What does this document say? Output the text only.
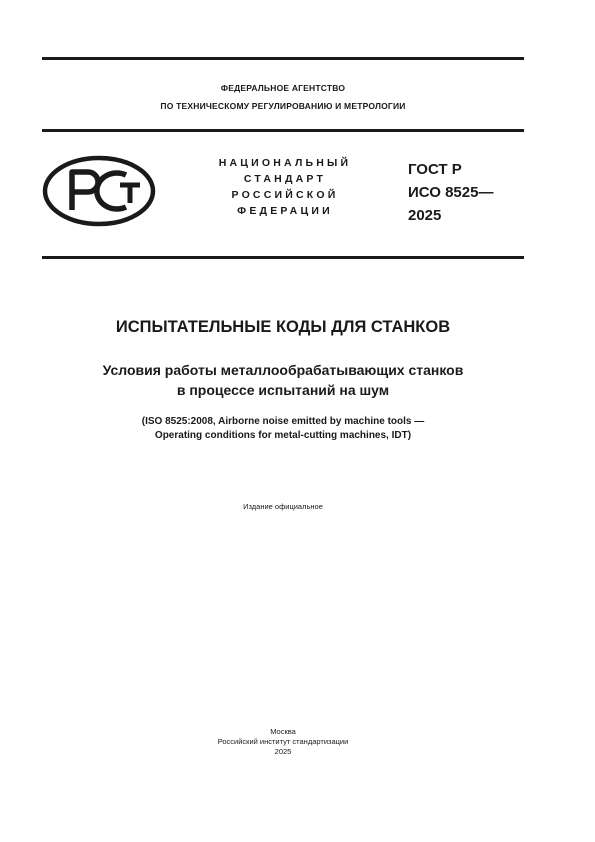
ФЕДЕРАЛЬНОЕ АГЕНТСТВО
ПО ТЕХНИЧЕСКОМУ РЕГУЛИРОВАНИЮ И МЕТРОЛОГИИ
НАЦИОНАЛЬНЫЙ
СТАНДАРТ
РОССИЙСКОЙ
ФЕДЕРАЦИИ
ГОСТ Р
ИСО 8525—
2025
ИСПЫТАТЕЛЬНЫЕ КОДЫ ДЛЯ СТАНКОВ
Условия работы металлообрабатывающих станков
в процессе испытаний на шум
(ISO 8525:2008, Airborne noise emitted by machine tools —
Operating conditions for metal-cutting machines, IDT)
Издание официальное
Москва
Российский институт стандартизации
2025
